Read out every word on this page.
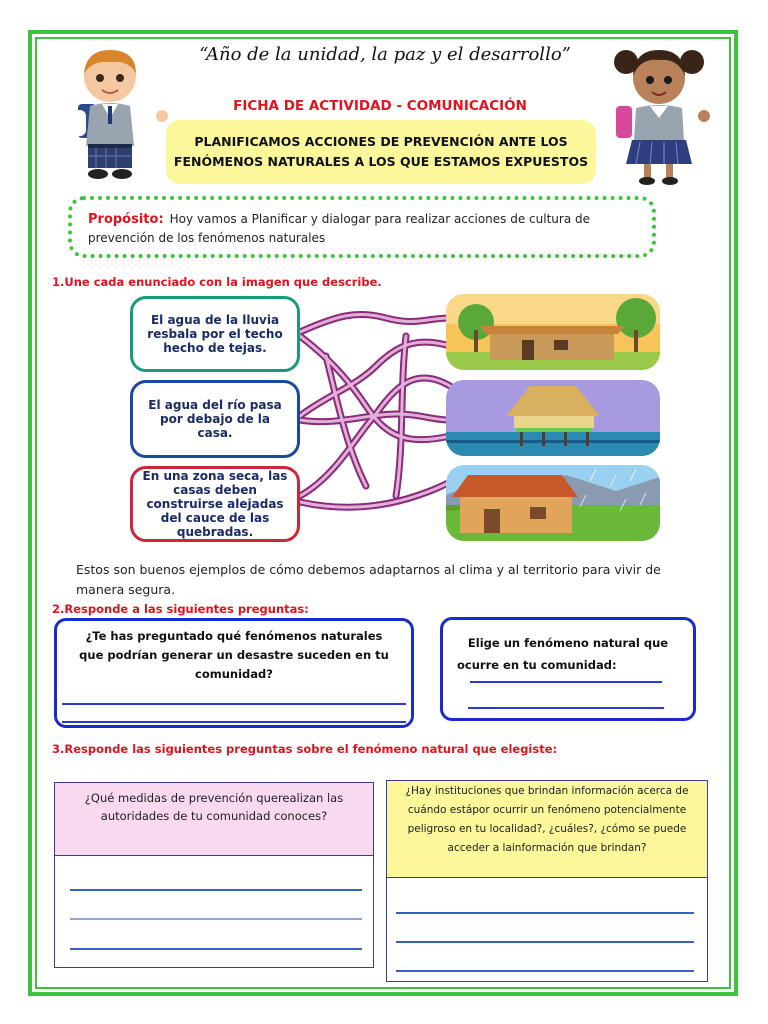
“Año de la unidad, la paz y el desarrollo”
FICHA DE ACTIVIDAD - COMUNICACIÓN
PLANIFICAMOS ACCIONES DE PREVENCIÓN ANTE LOS
FENÓMENOS NATURALES A LOS QUE ESTAMOS EXPUESTOS
Propósito: Hoy vamos a Planificar y dialogar para realizar acciones de cultura de prevención de los fenómenos naturales
1.Une cada enunciado con la imagen que describe.
El agua de la lluvia resbala por el techo hecho de tejas.
El agua del río pasa por debajo de la casa.
En una zona seca, las casas deben construirse alejadas del cauce de las quebradas.
Estos son buenos ejemplos de cómo debemos adaptarnos al clima y al territorio para vivir de manera segura.
2.Responde a las siguientes preguntas:
¿Te has preguntado qué fenómenos naturales que podrían generar un desastre suceden en tu comunidad?
Elige un fenómeno natural que
ocurre en tu comunidad:
3.Responde las siguientes preguntas sobre el fenómeno natural que elegiste:
¿Qué medidas de prevención querealizan las autoridades de tu comunidad conoces?
¿Hay instituciones que brindan información acerca de cuándo estápor ocurrir un fenómeno potencialmente peligroso en tu localidad?, ¿cuáles?, ¿cómo se puede acceder a lainformación que brindan?
